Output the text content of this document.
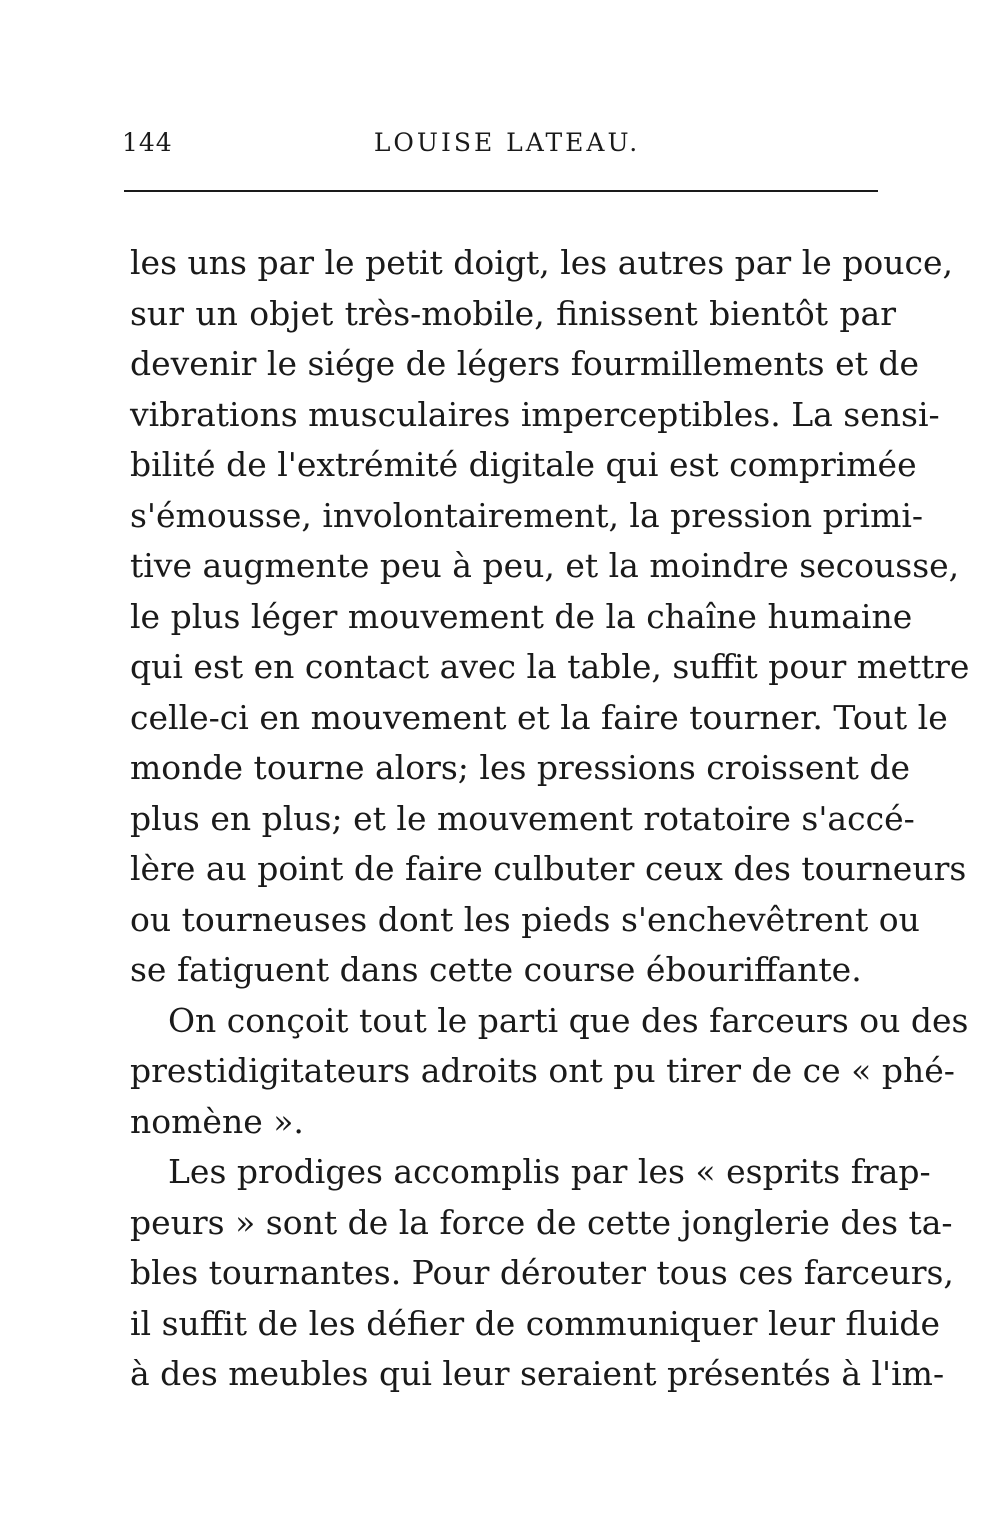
144	LOUISE LATEAU.
les uns par le petit doigt, les autres par le pouce,
sur un objet très-mobile, finissent bientôt par
devenir le siége de légers fourmillements et de
vibrations musculaires imperceptibles. La sensi-
bilité de l'extrémité digitale qui est comprimée
s'émousse, involontairement, la pression primi-
tive augmente peu à peu, et la moindre secousse,
le plus léger mouvement de la chaîne humaine
qui est en contact avec la table, suffit pour mettre
celle-ci en mouvement et la faire tourner. Tout le
monde tourne alors; les pressions croissent de
plus en plus; et le mouvement rotatoire s'accé-
lère au point de faire culbuter ceux des tourneurs
ou tourneuses dont les pieds s'enchevêtrent ou
se fatiguent dans cette course ébouriffante.
On conçoit tout le parti que des farceurs ou des
prestidigitateurs adroits ont pu tirer de ce « phé-
nomène ».
Les prodiges accomplis par les « esprits frap-
peurs » sont de la force de cette jonglerie des ta-
bles tournantes. Pour dérouter tous ces farceurs,
il suffit de les défier de communiquer leur fluide
à des meubles qui leur seraient présentés à l'im-
